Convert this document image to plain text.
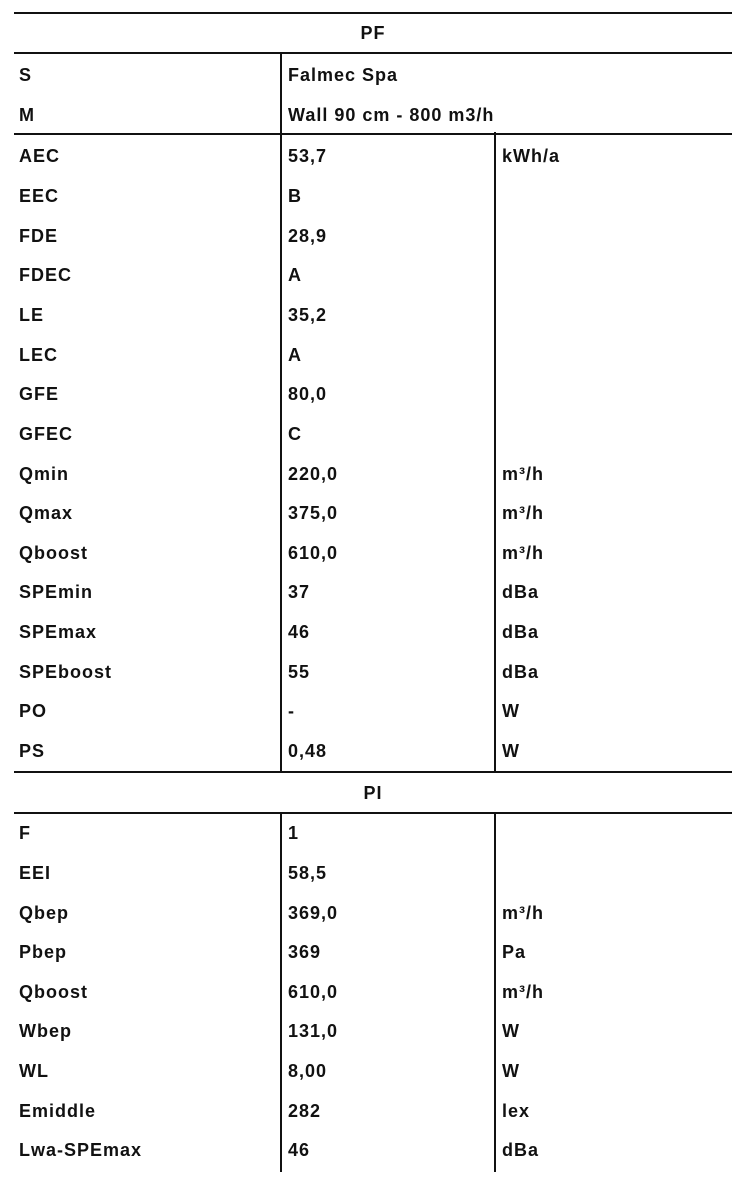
PF
S	Falmec Spa
M	Wall 90 cm - 800 m3/h
AEC	53,7	kWh/a
EEC	B
FDE	28,9
FDEC	A
LE	35,2
LEC	A
GFE	80,0
GFEC	C
Qmin	220,0	m³/h
Qmax	375,0	m³/h
Qboost	610,0	m³/h
SPEmin	37	dBa
SPEmax	46	dBa
SPEboost	55	dBa
PO	-	W
PS	0,48	W
PI
F	1
EEI	58,5
Qbep	369,0	m³/h
Pbep	369	Pa
Qboost	610,0	m³/h
Wbep	131,0	W
WL	8,00	W
Emiddle	282	lex
Lwa-SPEmax	46	dBa
